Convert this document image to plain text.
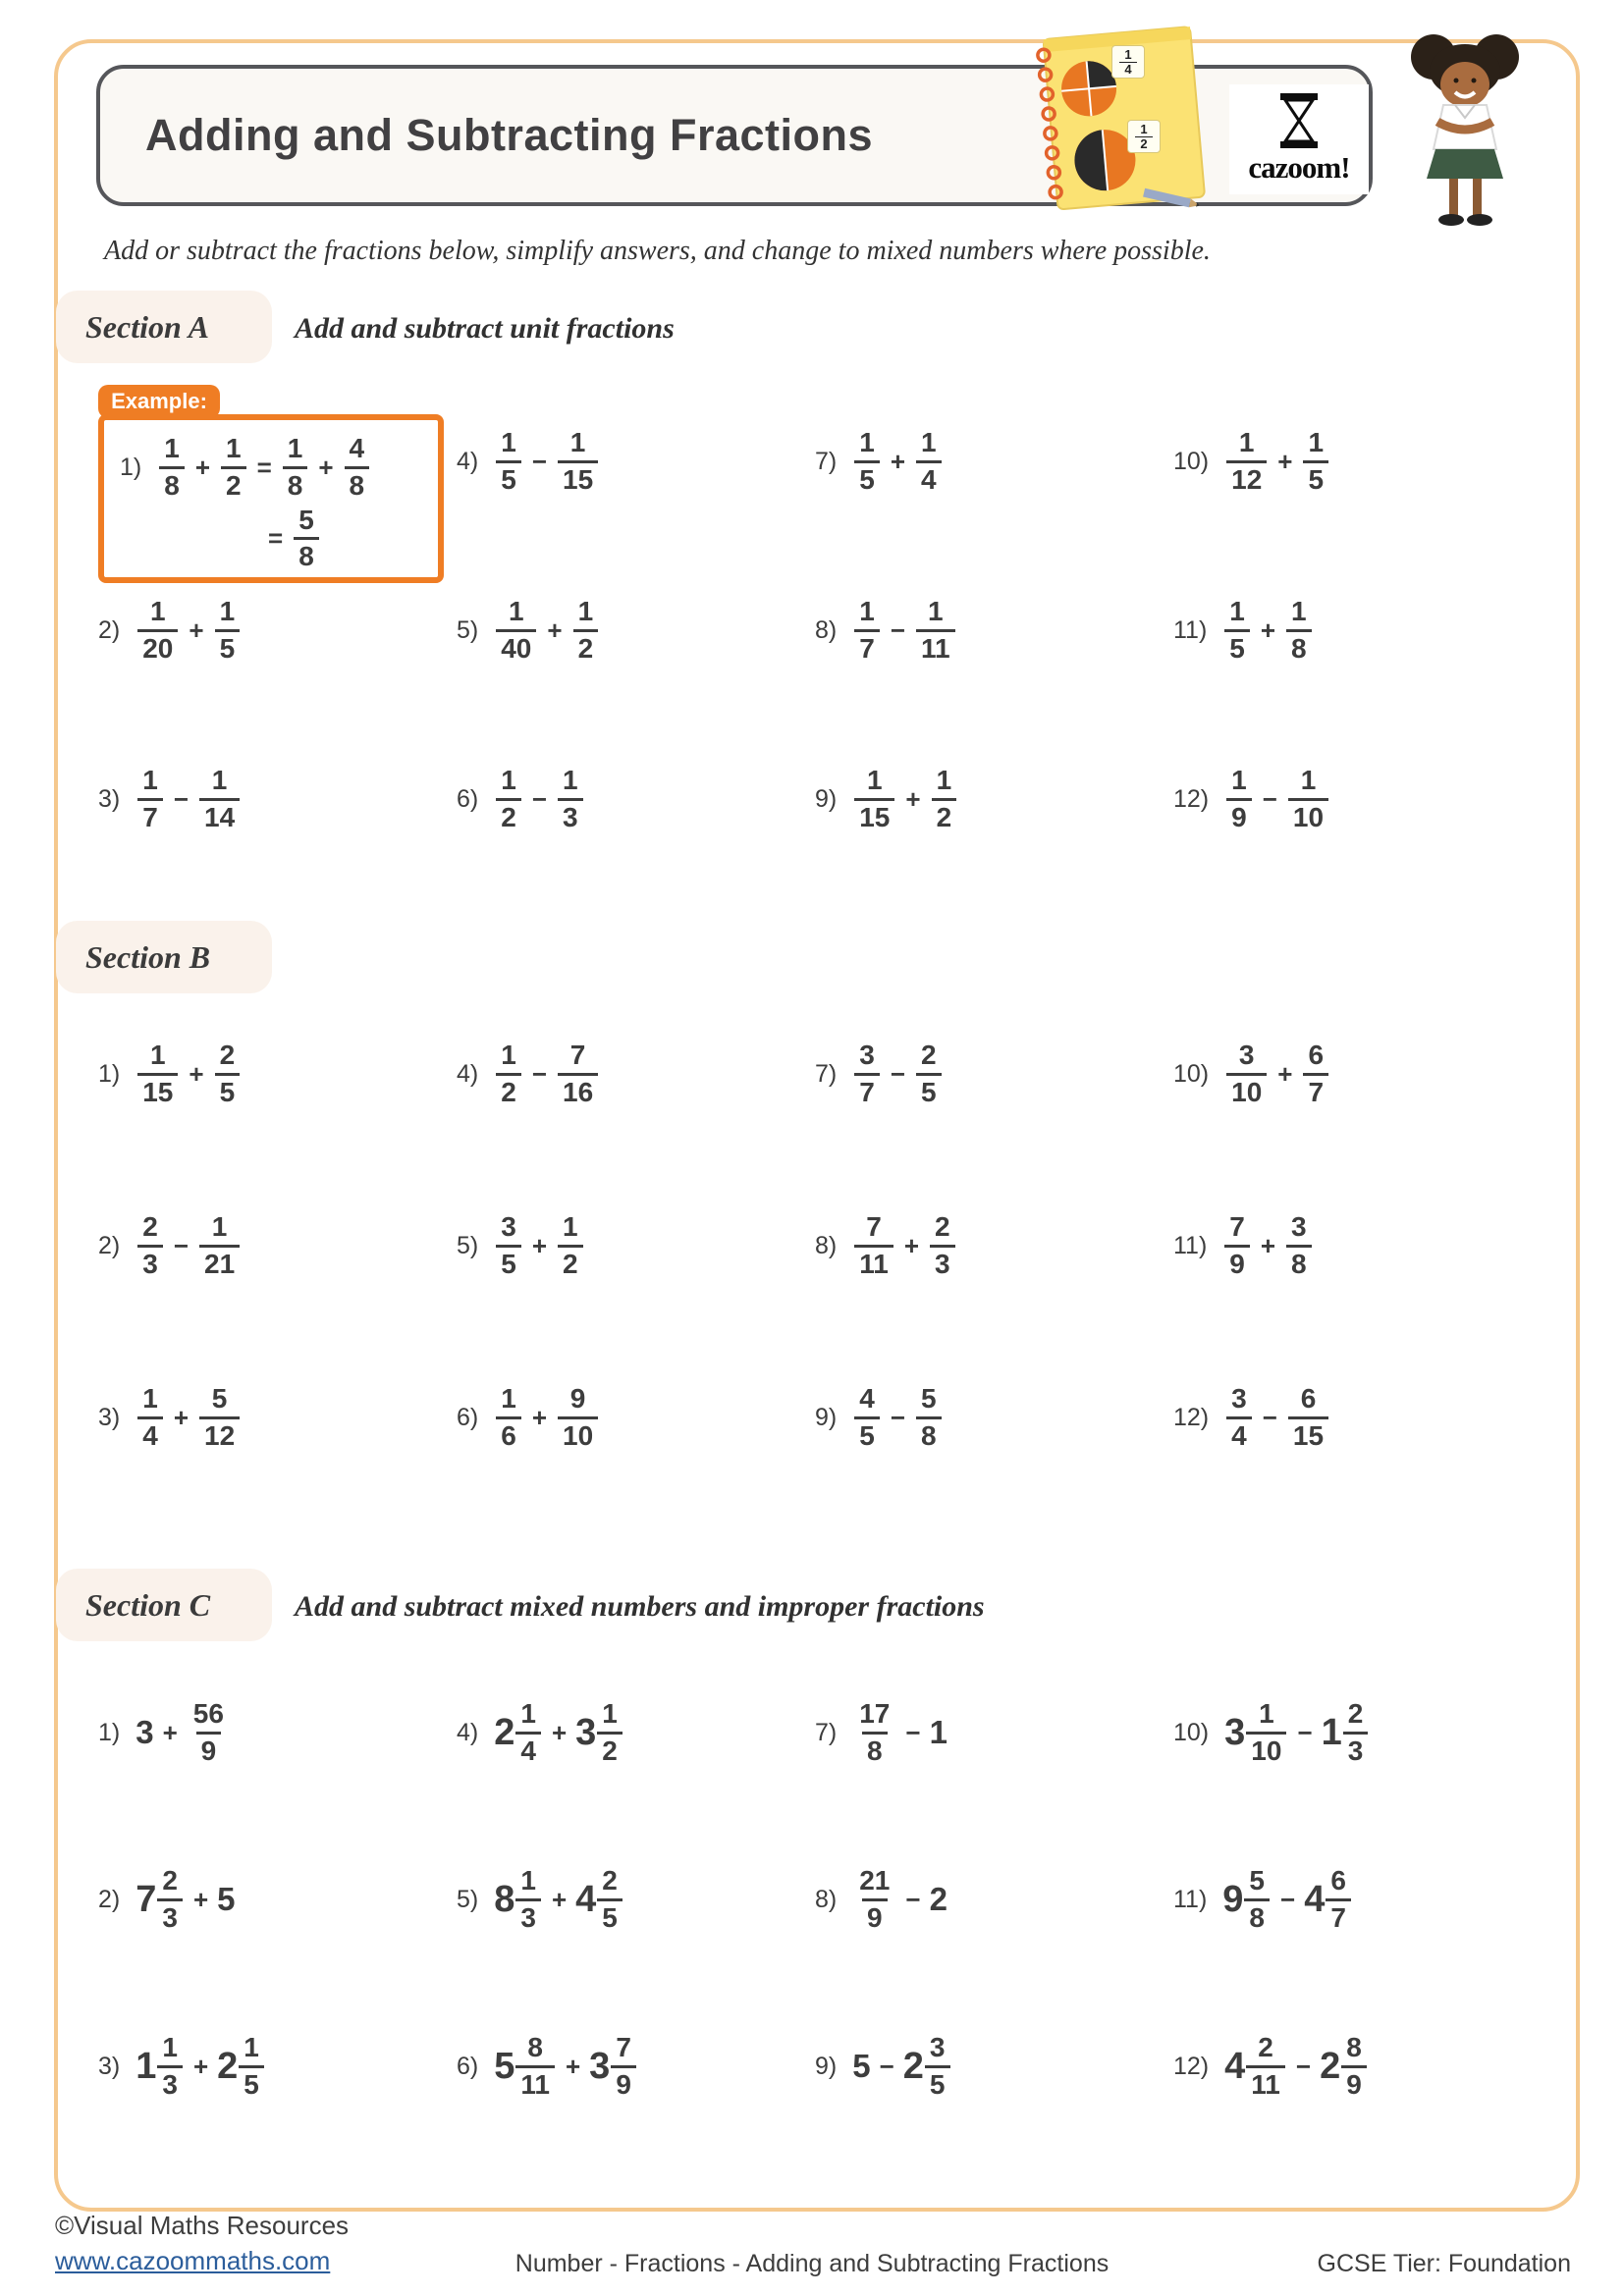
Adding and Subtracting Fractions
$\frac{1}{4}$
$\frac{1}{2}$
cazoom!
Add or subtract the fractions below, simplify answers, and change to mixed numbers where possible.
Section A	Add and subtract unit fractions
Example:
$1) \frac{1}{8} + \frac{1}{2} = \frac{1}{8} + \frac{4}{8}$
= $\frac{5}{8}$
$4) \frac{1}{5} - \frac{1}{15}$	$7) \frac{1}{5} + \frac{1}{4}$	$10) \frac{1}{12} + \frac{1}{5}$
$2) \frac{1}{20} + \frac{1}{5}$	$5) \frac{1}{40} + \frac{1}{2}$	$8) \frac{1}{7} - \frac{1}{11}$	$11) \frac{1}{5} + \frac{1}{8}$
$3) \frac{1}{7} - \frac{1}{14}$	$6) \frac{1}{2} - \frac{1}{3}$	$9) \frac{1}{15} + \frac{1}{2}$	$12) \frac{1}{9} - \frac{1}{10}$
Section B
$1) \frac{1}{15} + \frac{2}{5}$	$4) \frac{1}{2} - \frac{7}{16}$	$7) \frac{3}{7} - \frac{2}{5}$	$10) \frac{3}{10} + \frac{6}{7}$
$2) \frac{2}{3} - \frac{1}{21}$	$5) \frac{3}{5} + \frac{1}{2}$	$8) \frac{7}{11} + \frac{2}{3}$	$11) \frac{7}{9} + \frac{3}{8}$
$3) \frac{1}{4} + \frac{5}{12}$	$6) \frac{1}{6} + \frac{9}{10}$	$9) \frac{4}{5} - \frac{5}{8}$	$12) \frac{3}{4} - \frac{6}{15}$
Section C	Add and subtract mixed numbers and improper fractions
1) $3 + \frac{56}{9}$	4) $2 \frac{1}{4} + 3 \frac{1}{2}$	$7) \frac{17}{8} - 1$	10) $3 \frac{1}{10} - 1 \frac{2}{3}$
2) $7 \frac{2}{3} + 5$	5) $8 \frac{1}{3} + 4 \frac{2}{5}$	$8) \frac{21}{9} - 2$	11) $9 \frac{5}{8} - 4 \frac{6}{7}$
3) $1 \frac{1}{3} + 2 \frac{1}{5}$	6) $5 \frac{8}{11} + 3 \frac{7}{9}$	9) $5 - 2 \frac{3}{5}$	12) $4 \frac{2}{11} - 2 \frac{8}{9}$
©Visual Maths Resources
www.cazoommaths.com	Number - Fractions - Adding and Subtracting Fractions	GCSE Tier: Foundation
